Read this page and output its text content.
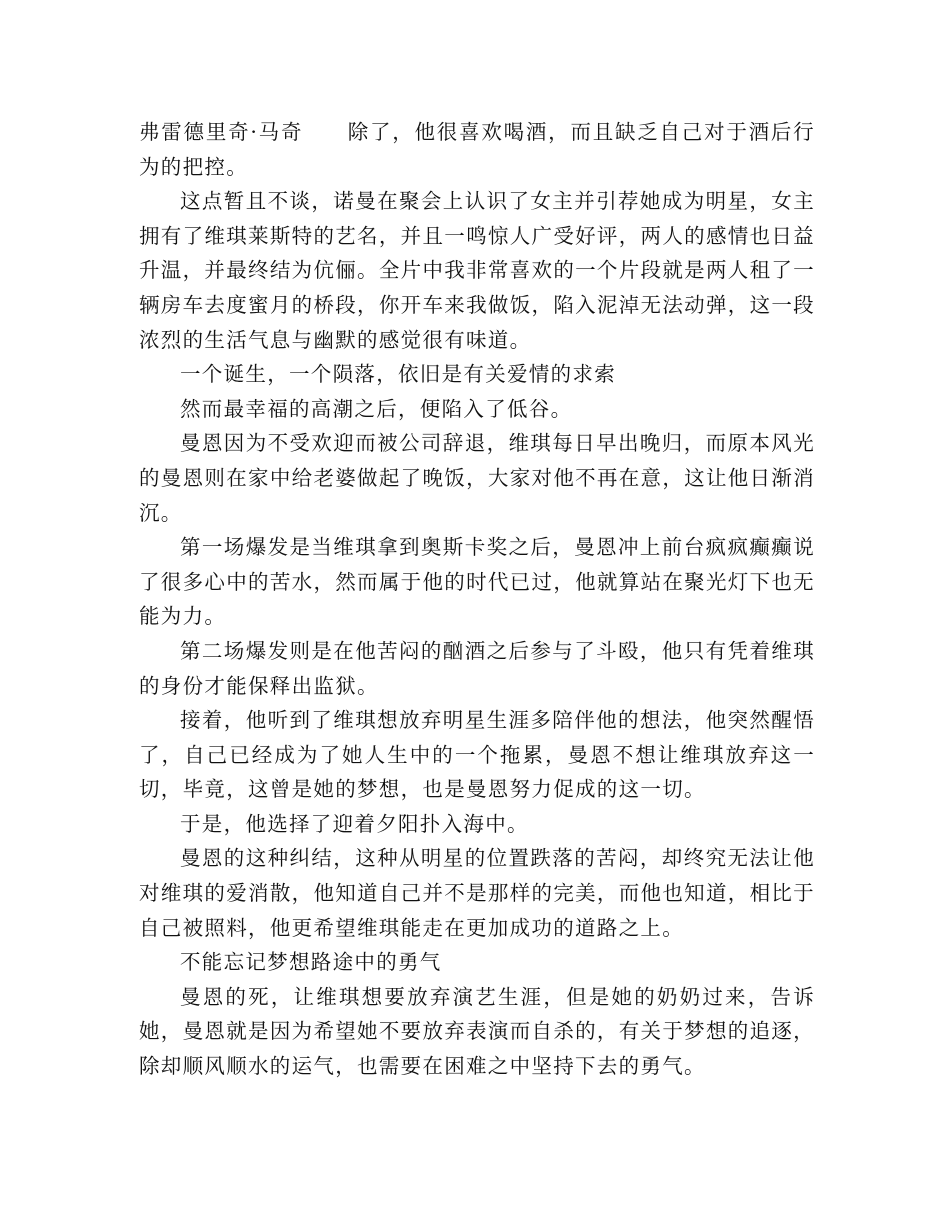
弗雷德里奇·马奇 除了，他很喜欢喝酒，而且缺乏自己对于酒后行为的把控。

这点暂且不谈，诺曼在聚会上认识了女主并引荐她成为明星，女主拥有了维琪莱斯特的艺名，并且一鸣惊人广受好评，两人的感情也日益升温，并最终结为伉俪。全片中我非常喜欢的一个片段就是两人租了一辆房车去度蜜月的桥段，你开车来我做饭，陷入泥淖无法动弹，这一段浓烈的生活气息与幽默的感觉很有味道。

一个诞生，一个陨落，依旧是有关爱情的求索

然而最幸福的高潮之后，便陷入了低谷。

曼恩因为不受欢迎而被公司辞退，维琪每日早出晚归，而原本风光的曼恩则在家中给老婆做起了晚饭，大家对他不再在意，这让他日渐消沉。

第一场爆发是当维琪拿到奥斯卡奖之后，曼恩冲上前台疯疯癫癫说了很多心中的苦水，然而属于他的时代已过，他就算站在聚光灯下也无能为力。

第二场爆发则是在他苦闷的酗酒之后参与了斗殴，他只有凭着维琪的身份才能保释出监狱。

接着，他听到了维琪想放弃明星生涯多陪伴他的想法，他突然醒悟了，自己已经成为了她人生中的一个拖累，曼恩不想让维琪放弃这一切，毕竟，这曾是她的梦想，也是曼恩努力促成的这一切。

于是，他选择了迎着夕阳扑入海中。

曼恩的这种纠结，这种从明星的位置跌落的苦闷，却终究无法让他对维琪的爱消散，他知道自己并不是那样的完美，而他也知道，相比于自己被照料，他更希望维琪能走在更加成功的道路之上。

不能忘记梦想路途中的勇气

曼恩的死，让维琪想要放弃演艺生涯，但是她的奶奶过来，告诉她，曼恩就是因为希望她不要放弃表演而自杀的，有关于梦想的追逐，除却顺风顺水的运气，也需要在困难之中坚持下去的勇气。
